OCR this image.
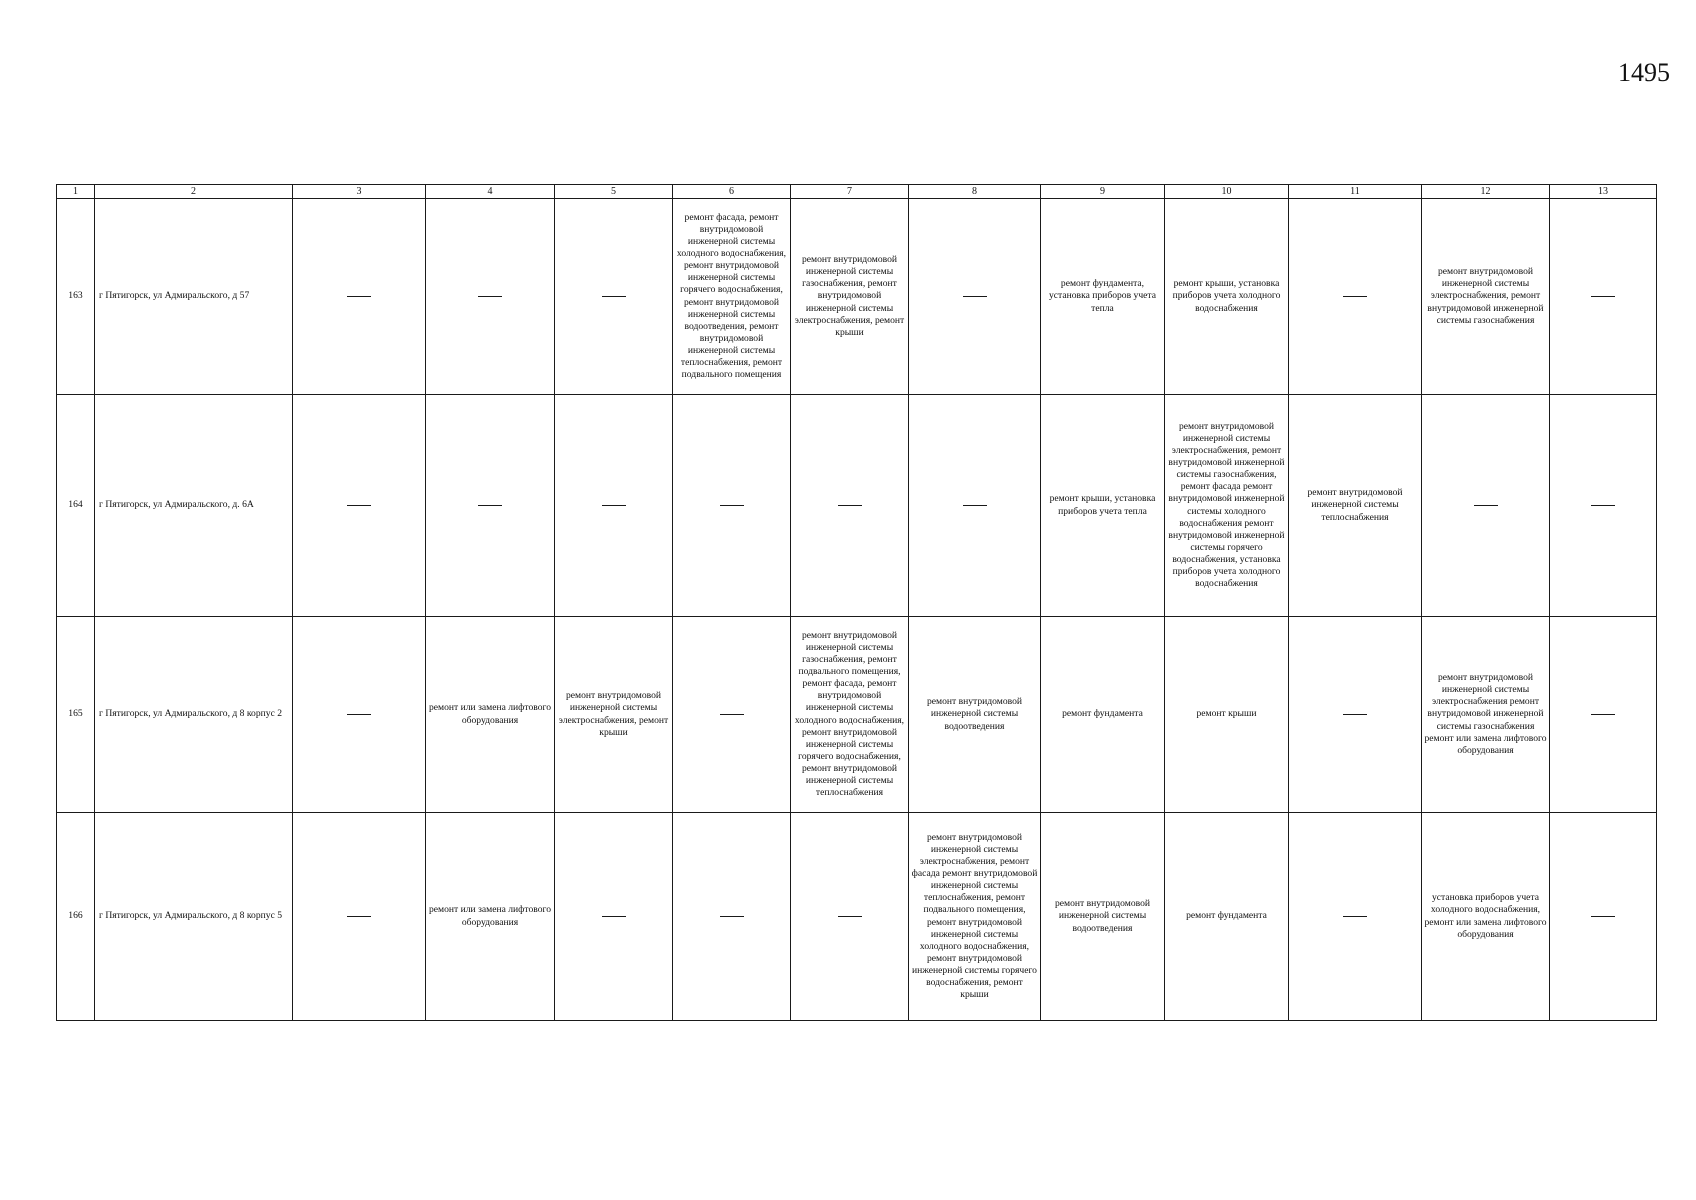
1495
1	2	3	4	5	6	7	8	9	10	11	12	13
163	г Пятигорск, ул Адмиральского, д 57				ремонт фасада, ремонт внутридомовой инженерной системы холодного водоснабжения, ремонт внутридомовой инженерной системы горячего водоснабжения, ремонт внутридомовой инженерной системы водоотведения, ремонт внутридомовой инженерной системы теплоснабжения, ремонт подвального помещения	ремонт внутридомовой инженерной системы газоснабжения, ремонт внутридомовой инженерной системы электроснабжения, ремонт крыши		ремонт фундамента, установка приборов учета тепла	ремонт крыши, установка приборов учета холодного водоснабжения		ремонт внутридомовой инженерной системы электроснабжения, ремонт внутридомовой инженерной системы газоснабжения	
164	г Пятигорск, ул Адмиральского, д. 6А							ремонт крыши, установка приборов учета тепла	ремонт внутридомовой инженерной системы электроснабжения, ремонт внутридомовой инженерной системы газоснабжения, ремонт фасада ремонт внутридомовой инженерной системы холодного водоснабжения ремонт внутридомовой инженерной системы горячего водоснабжения, установка приборов учета холодного водоснабжения	ремонт внутридомовой инженерной системы теплоснабжения		
165	г Пятигорск, ул Адмиральского, д 8 корпус 2		ремонт или замена лифтового оборудования	ремонт внутридомовой инженерной системы электроснабжения, ремонт крыши		ремонт внутридомовой инженерной системы газоснабжения, ремонт подвального помещения, ремонт фасада, ремонт внутридомовой инженерной системы холодного водоснабжения, ремонт внутридомовой инженерной системы горячего водоснабжения, ремонт внутридомовой инженерной системы теплоснабжения	ремонт внутридомовой инженерной системы водоотведения	ремонт фундамента	ремонт крыши		ремонт внутридомовой инженерной системы электроснабжения ремонт внутридомовой инженерной системы газоснабжения ремонт или замена лифтового оборудования	
166	г Пятигорск, ул Адмиральского, д 8 корпус 5		ремонт или замена лифтового оборудования				ремонт внутридомовой инженерной системы электроснабжения, ремонт фасада ремонт внутридомовой инженерной системы теплоснабжения, ремонт подвального помещения, ремонт внутридомовой инженерной системы холодного водоснабжения, ремонт внутридомовой инженерной системы горячего водоснабжения, ремонт крыши	ремонт внутридомовой инженерной системы водоотведения	ремонт фундамента		установка приборов учета холодного водоснабжения, ремонт или замена лифтового оборудования	
